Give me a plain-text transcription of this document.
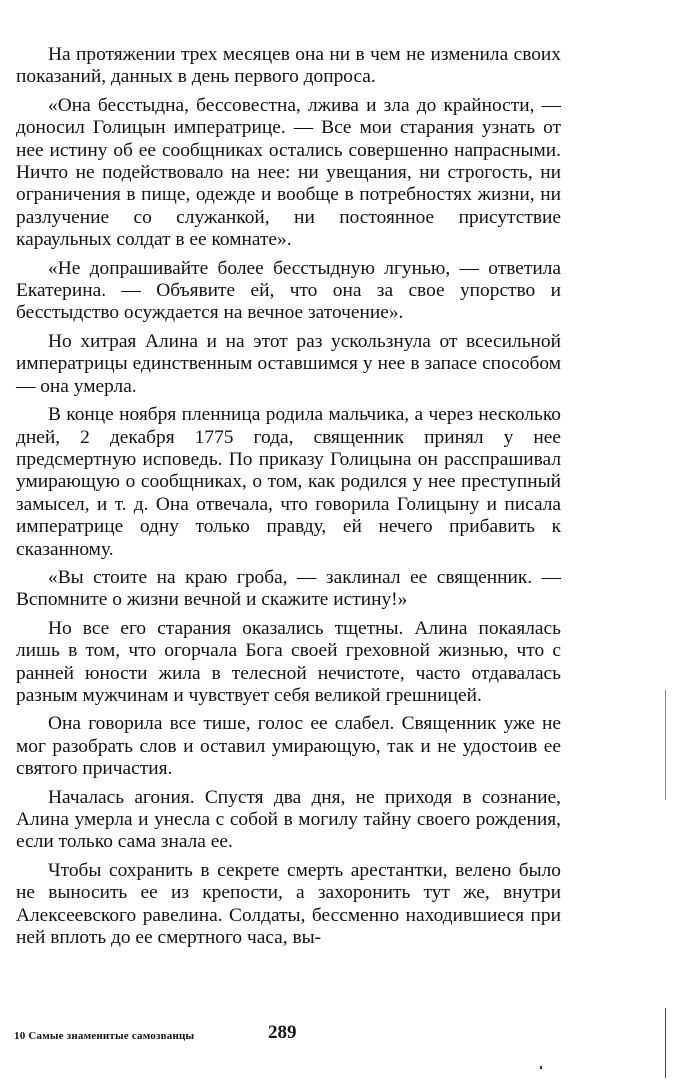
На протяжении трех месяцев она ни в чем не изменила своих показаний, данных в день первого допроса.

«Она бесстыдна, бессовестна, лжива и зла до крайности, — доносил Голицын императрице. — Все мои старания узнать от нее истину об ее сообщниках остались совершенно напрасными. Ничто не подействовало на нее: ни увещания, ни строгость, ни ограничения в пище, одежде и вообще в потребностях жизни, ни разлучение со служанкой, ни постоянное присутствие караульных солдат в ее комнате».

«Не допрашивайте более бесстыдную лгунью, — ответила Екатерина. — Объявите ей, что она за свое упорство и бесстыдство осуждается на вечное заточение».

Но хитрая Алина и на этот раз ускользнула от всесильной императрицы единственным оставшимся у нее в запасе способом — она умерла.

В конце ноября пленница родила мальчика, а через несколько дней, 2 декабря 1775 года, священник принял у нее предсмертную исповедь. По приказу Голицына он расспрашивал умирающую о сообщниках, о том, как родился у нее преступный замысел, и т. д. Она отвечала, что говорила Голицыну и писала императрице одну только правду, ей нечего прибавить к сказанному.

«Вы стоите на краю гроба, — заклинал ее священник. — Вспомните о жизни вечной и скажите истину!»

Но все его старания оказались тщетны. Алина покаялась лишь в том, что огорчала Бога своей греховной жизнью, что с ранней юности жила в телесной нечистоте, часто отдавалась разным мужчинам и чувствует себя великой грешницей.

Она говорила все тише, голос ее слабел. Священник уже не мог разобрать слов и оставил умирающую, так и не удостоив ее святого причастия.

Началась агония. Спустя два дня, не приходя в сознание, Алина умерла и унесла с собой в могилу тайну своего рождения, если только сама знала ее.

Чтобы сохранить в секрете смерть арестантки, велено было не выносить ее из крепости, а захоронить тут же, внутри Алексеевского равелина. Солдаты, бессменно находившиеся при ней вплоть до ее смертного часа, вы-

10 Самые знаменитые самозванцы	289
